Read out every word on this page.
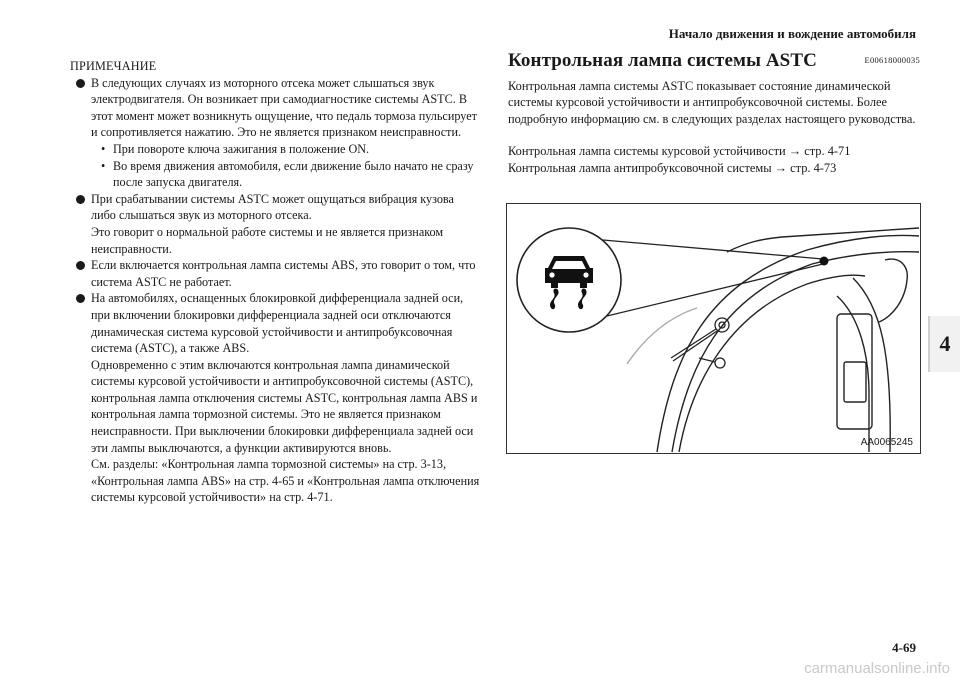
Начало движения и вождение автомобиля
4
ПРИМЕЧАНИЕ
В следующих случаях из моторного отсека может слышаться звук электродвигателя. Он возникает при самодиагностике системы ASTC. В этот момент может возникнуть ощущение, что педаль тормоза пульсирует и сопротивляется нажатию. Это не является признаком неисправности.
• При повороте ключа зажигания в положение ON.
• Во время движения автомобиля, если движение было начато не сразу после запуска двигателя.
При срабатывании системы ASTC может ощущаться вибрация кузова либо слышаться звук из моторного отсека.
Это говорит о нормальной работе системы и не является признаком неисправности.
Если включается контрольная лампа системы ABS, это говорит о том, что система ASTC не работает.
На автомобилях, оснащенных блокировкой дифференциала задней оси, при включении блокировки дифференциала задней оси отключаются динамическая система курсовой устойчивости и антипробуксовочная система (ASTC), а также ABS.
Одновременно с этим включаются контрольная лампа динамической системы курсовой устойчивости и антипробуксовочной системы (ASTC), контрольная лампа отключения системы ASTC, контрольная лампа ABS и контрольная лампа тормозной системы. Это не является признаком неисправности. При выключении блокировки дифференциала задней оси эти лампы выключаются, а функции активируются вновь.
См. разделы: «Контрольная лампа тормозной системы» на стр. 3-13, «Контрольная лампа ABS» на стр. 4-65 и «Контрольная лампа отключения системы курсовой устойчивости» на стр. 4-71.
Контрольная лампа системы ASTC	E00618000035

Контрольная лампа системы ASTC показывает состояние динамической системы курсовой устойчивости и антипробуксовочной системы. Более подробную информацию см. в следующих разделах настоящего руководства.

Контрольная лампа системы курсовой устойчивости → стр. 4-71

Контрольная лампа антипробуксовочной системы → стр. 4-73

AA0065245
4-69
carmanualsonline.info
